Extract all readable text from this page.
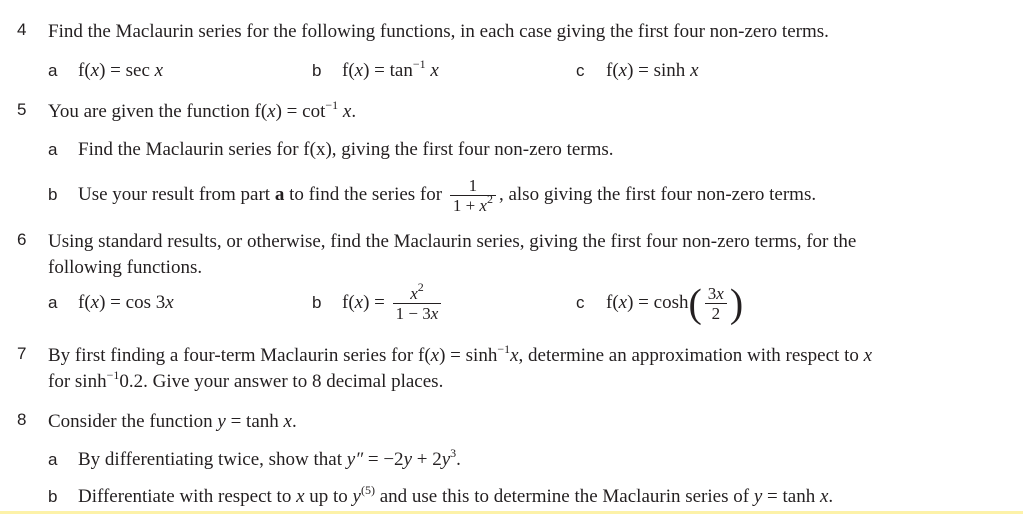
4 Find the Maclaurin series for the following functions, in each case giving the first four non-zero terms.
a f(x) = sec x	b $f(x) = \tan^{-1} x$	c f(x) = sinh x
5 You are given the function $f(x) = \cot^{-1} x$.
a Find the Maclaurin series for f(x), giving the first four non-zero terms.
b Use your result from part a to find the series for $\frac{1}{1 + x^2}$ , also giving the first four non-zero terms.
6 Using standard results, or otherwise, find the Maclaurin series, giving the first four non-zero terms, for the
following functions.
a f(x) = cos 3x	b $f(x) = \frac{x^2}{1 - 3x}$	c $f(x) = \cosh( \frac{3x}{2}$ )
7 By first finding a four-term Maclaurin series for $f(x) = \sinh^{-1}x$, determine an approximation with respect to x
for $\sinh^{-1}0.2$. Give your answer to 8 decimal places.
8 Consider the function y = tanh x.
a By differentiating twice, show that $y'' = -2y + 2y^3$.
b Differentiate with respect to x up to $y^{(5)}$ and use this to determine the Maclaurin series of y = tanh x.
